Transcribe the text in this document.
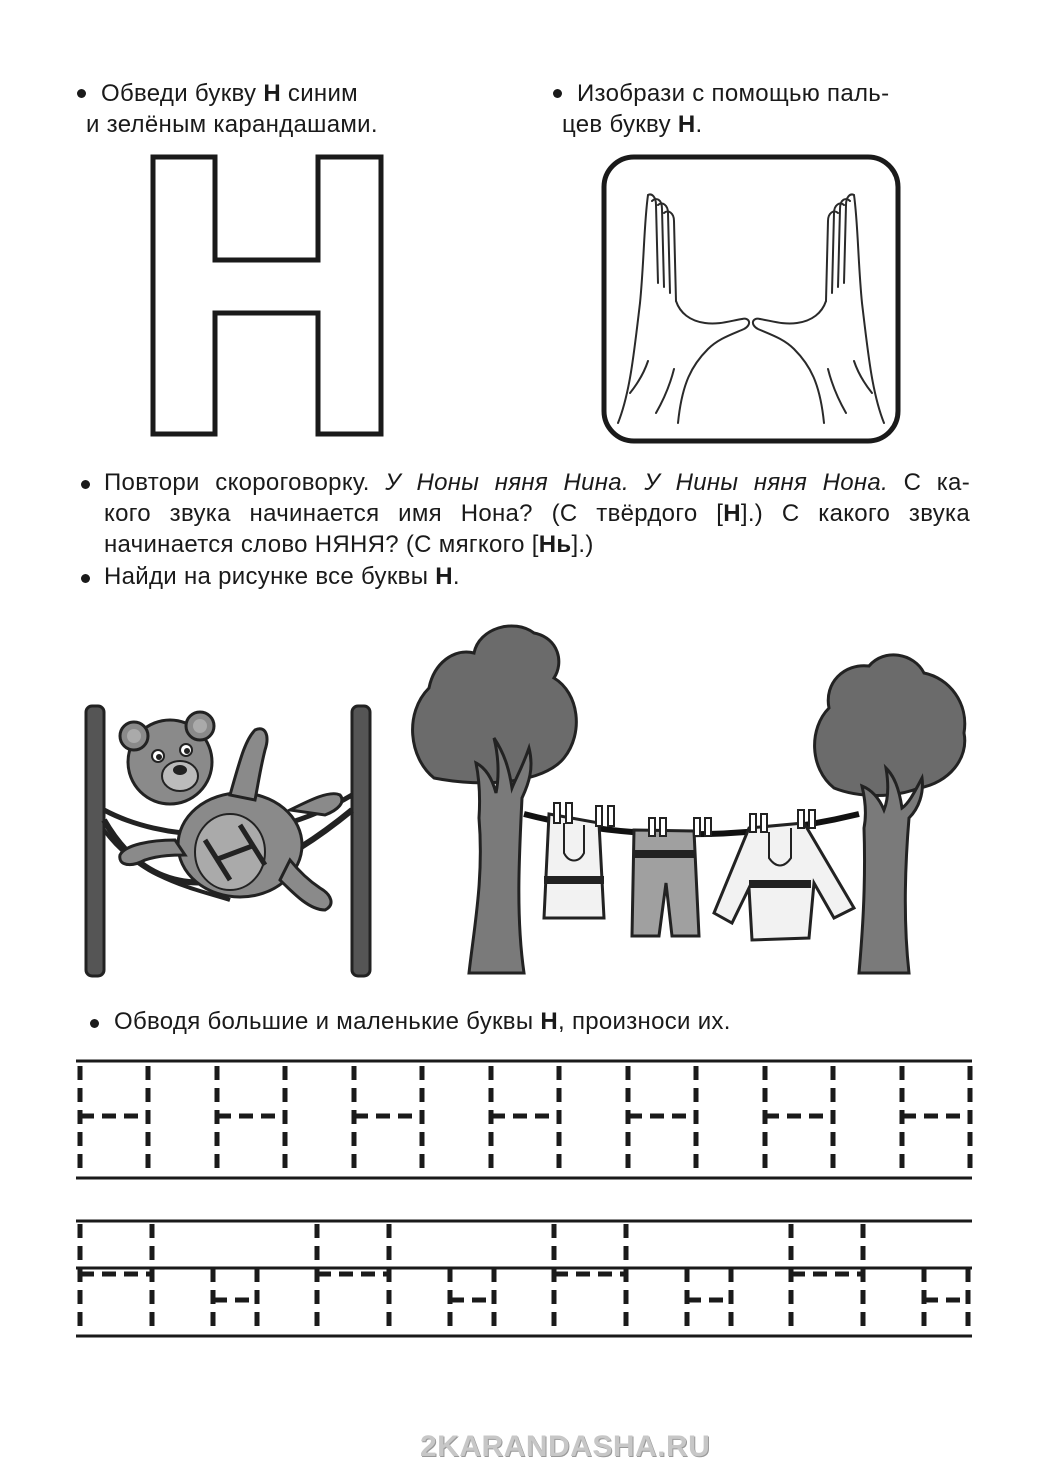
Обведи букву Н синим
и зелёным карандашами.
Изобрази с помощью паль-
цев букву Н.
Повтори скороговорку. У Ноны няня Нина. У Нины няня Нона. С ка-
кого звука начинается имя Нона? (С твёрдого [Н].) С какого звука
начинается слово НЯНЯ? (С мягкого [Нь].)
Найди на рисунке все буквы Н.
Обводя большие и маленькие буквы Н, произноси их.
2KARANDASHA.RU
